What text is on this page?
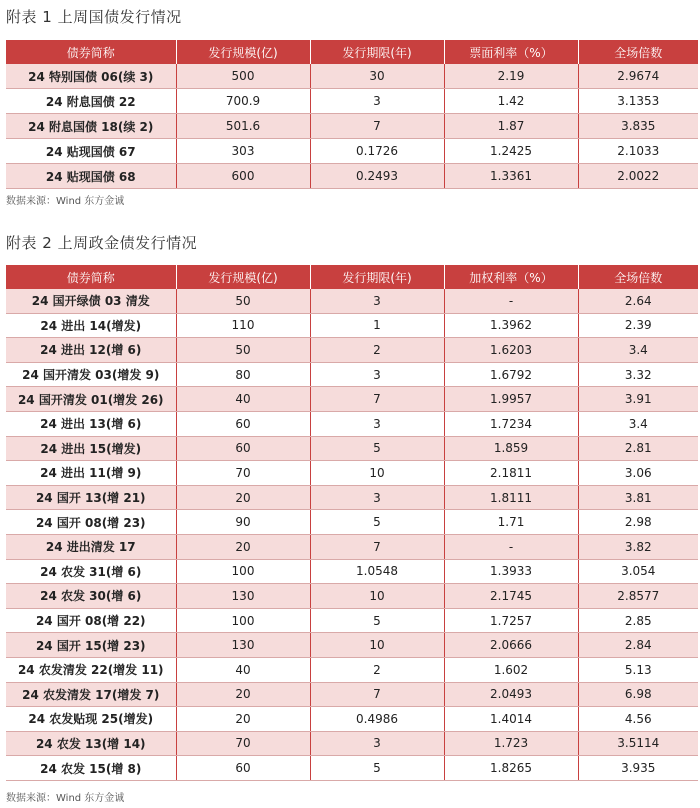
附表 1 上周国债发行情况
债券简称	发行规模(亿)	发行期限(年)	票面利率（%）	全场倍数
24 特别国债 06(续 3)	500	30	2.19	2.9674
24 附息国债 22	700.9	3	1.42	3.1353
24 附息国债 18(续 2)	501.6	7	1.87	3.835
24 贴现国债 67	303	0.1726	1.2425	2.1033
24 贴现国债 68	600	0.2493	1.3361	2.0022
数据来源：Wind 东方金诚
附表 2 上周政金债发行情况
债券简称	发行规模(亿)	发行期限(年)	加权利率（%）	全场倍数
24 国开绿债 03 清发	50	3	-	2.64
24 进出 14(增发)	110	1	1.3962	2.39
24 进出 12(增 6)	50	2	1.6203	3.4
24 国开清发 03(增发 9)	80	3	1.6792	3.32
24 国开清发 01(增发 26)	40	7	1.9957	3.91
24 进出 13(增 6)	60	3	1.7234	3.4
24 进出 15(增发)	60	5	1.859	2.81
24 进出 11(增 9)	70	10	2.1811	3.06
24 国开 13(增 21)	20	3	1.8111	3.81
24 国开 08(增 23)	90	5	1.71	2.98
24 进出清发 17	20	7	-	3.82
24 农发 31(增 6)	100	1.0548	1.3933	3.054
24 农发 30(增 6)	130	10	2.1745	2.8577
24 国开 08(增 22)	100	5	1.7257	2.85
24 国开 15(增 23)	130	10	2.0666	2.84
24 农发清发 22(增发 11)	40	2	1.602	5.13
24 农发清发 17(增发 7)	20	7	2.0493	6.98
24 农发贴现 25(增发)	20	0.4986	1.4014	4.56
24 农发 13(增 14)	70	3	1.723	3.5114
24 农发 15(增 8)	60	5	1.8265	3.935
数据来源：Wind 东方金诚
